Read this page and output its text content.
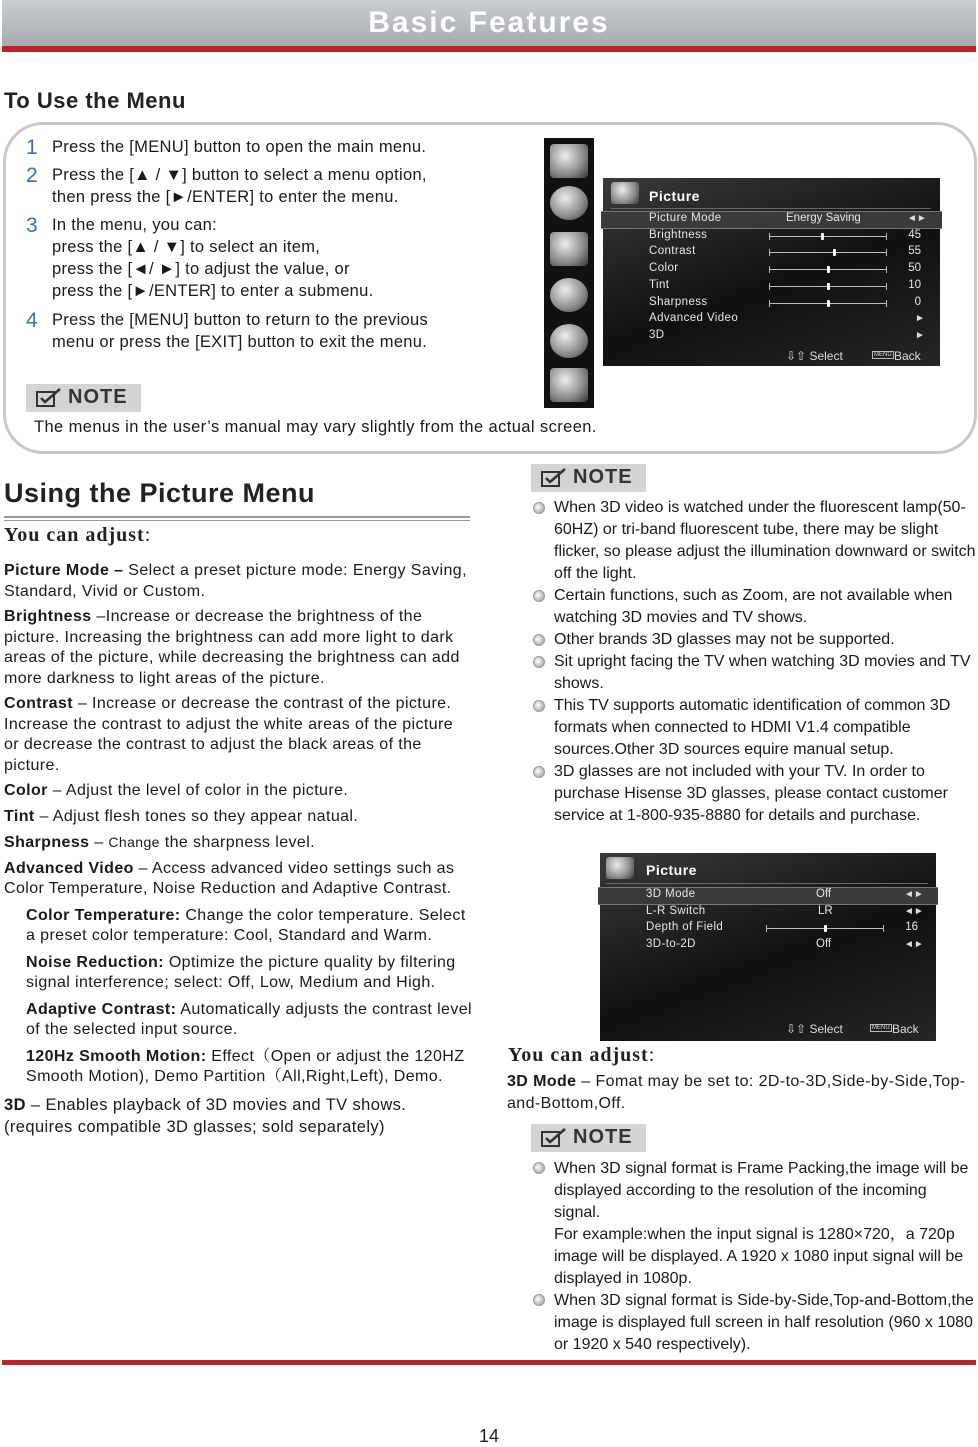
Basic Features
To Use the Menu
1 Press the [MENU] button to open the main menu.
2 Press the [▲ / ▼] button to select a menu option,
then press the [►/ENTER] to enter the menu.
3 In the menu, you can:
press the [▲ / ▼] to select an item,
press the [◄/ ►] to adjust the value, or
press the [►/ENTER] to enter a submenu.
4 Press the [MENU] button to return to the previous
menu or press the [EXIT] button to exit the menu.
NOTE
The menus in the user’s manual may vary slightly from the actual screen.
Picture
Picture Mode	Energy Saving	◄►
Brightness	45
Contrast	55
Color	50
Tint	10
Sharpness	0
Advanced Video	►
3D	►
⇩⇧ Select	MENU Back
Using the Picture Menu
You can adjust:
Picture Mode – Select a preset picture mode: Energy Saving, Standard, Vivid or Custom.
Brightness –Increase or decrease the brightness of the picture. Increasing the brightness can add more light to dark areas of the picture, while decreasing the brightness can add more darkness to light areas of the picture.
Contrast – Increase or decrease the contrast of the picture. Increase the contrast to adjust the white areas of the picture or decrease the contrast to adjust the black areas of the picture.
Color – Adjust the level of color in the picture.
Tint – Adjust flesh tones so they appear natual.
Sharpness – Change the sharpness level.
Advanced Video – Access advanced video settings such as Color Temperature, Noise Reduction and Adaptive Contrast.
Color Temperature: Change the color temperature. Select a preset color temperature: Cool, Standard and Warm.
Noise Reduction: Optimize the picture quality by filtering signal interference; select: Off, Low, Medium and High.
Adaptive Contrast: Automatically adjusts the contrast level of the selected input source.
120Hz Smooth Motion: Effect（Open or adjust the 120HZ Smooth Motion), Demo Partition（All,Right,Left), Demo.
3D – Enables playback of 3D movies and TV shows. (requires compatible 3D glasses; sold separately)
NOTE
When 3D video is watched under the fluorescent lamp(50-60HZ) or tri-band fluorescent tube, there may be slight flicker, so please adjust the illumination downward or switch off the light.
Certain functions, such as Zoom, are not available when watching 3D movies and TV shows.
Other brands 3D glasses may not be supported.
Sit upright facing the TV when watching 3D movies and TV shows.
This TV supports automatic identification of common 3D formats when connected to HDMI V1.4 compatible sources.Other 3D sources equire manual setup.
3D glasses are not included with your TV. In order to purchase Hisense 3D glasses, please contact customer service at 1-800-935-8880 for details and purchase.
Picture
3D Mode	Off	◄►
L-R Switch	LR	◄►
Depth of Field	16
3D-to-2D	Off	◄►
⇩⇧ Select	MENU Back
You can adjust:
3D Mode – Fomat may be set to: 2D-to-3D,Side-by-Side,Top-and-Bottom,Off.
NOTE
When 3D signal format is Frame Packing,the image will be displayed according to the resolution of the incoming signal.
For example:when the input signal is 1280×720，a 720p image will be displayed. A 1920 x 1080 input signal will be displayed in 1080p.
When 3D signal format is Side-by-Side,Top-and-Bottom,the image is displayed full screen in half resolution (960 x 1080 or 1920 x 540 respectively).
14
